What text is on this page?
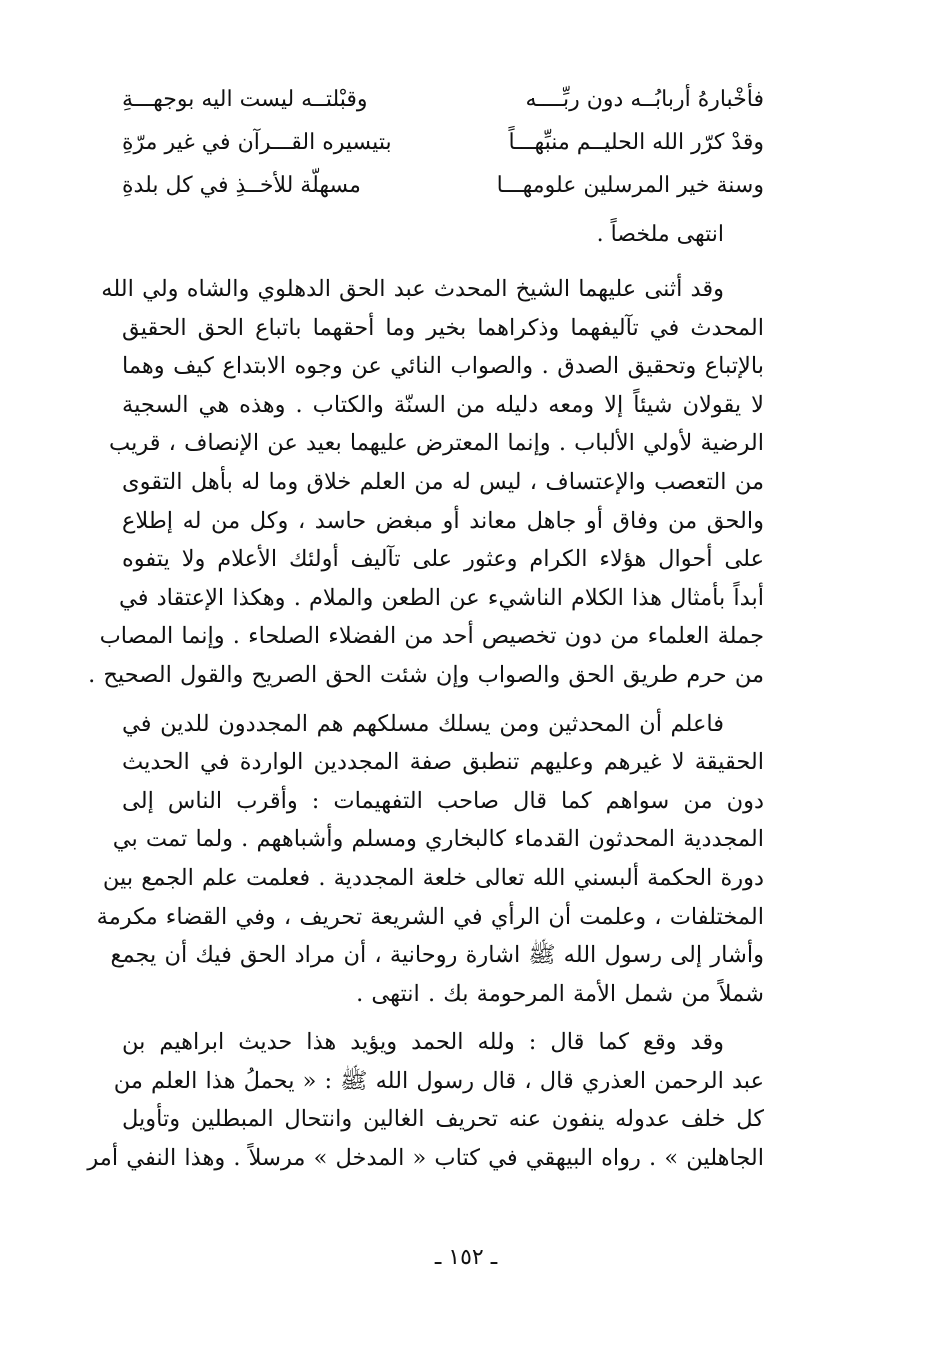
فأخْبارهُ أربابُــه دون ربِّــــه
وقبْلتــه ليست اليه بوجهـــةِ
وقدْ كرّر الله الحليــم منبِّهـــاً
بتيسيره القـــرآن في غير مرّةِ
وسنة خير المرسلين علومهـــا
مسهلّة للأخــذِ في كل بلدةِ
انتهى ملخصاً .
وقد أثنى عليهما الشيخ المحدث عبد الحق الدهلوي والشاه ولي الله
المحدث في تآليفهما وذكراهما بخير وما أحقهما باتباع الحق الحقيق
بالإتباع وتحقيق الصدق . والصواب النائي عن وجوه الابتداع كيف وهما
لا يقولان شيئاً إلا ومعه دليله من السنّة والكتاب . وهذه هي السجية
الرضية لأولي الألباب . وإنما المعترض عليهما بعيد عن الإنصاف ، قريب
من التعصب والإعتساف ، ليس له من العلم خلاق وما له بأهل التقوى
والحق من وفاق أو جاهل معاند أو مبغض حاسد ، وكل من له إطلاع
على أحوال هؤلاء الكرام وعثور على تآليف أولئك الأعلام ولا يتفوه
أبداً بأمثال هذا الكلام الناشيء عن الطعن والملام . وهكذا الإعتقاد في
جملة العلماء من دون تخصيص أحد من الفضلاء الصلحاء . وإنما المصاب
من حرم طريق الحق والصواب وإن شئت الحق الصريح والقول الصحيح .
فاعلم أن المحدثين ومن يسلك مسلكهم هم المجددون للدين في
الحقيقة لا غيرهم وعليهم تنطبق صفة المجددين الواردة في الحديث
دون من سواهم كما قال صاحب التفهيمات : وأقرب الناس إلى
المجددية المحدثون القدماء كالبخاري ومسلم وأشباههم . ولما تمت بي
دورة الحكمة ألبسني الله تعالى خلعة المجددية . فعلمت علم الجمع بين
المختلفات ، وعلمت أن الرأي في الشريعة تحريف ، وفي القضاء مكرمة
وأشار إلى رسول الله ﷺ اشارة روحانية ، أن مراد الحق فيك أن يجمع
شملاً من شمل الأمة المرحومة بك . انتهى .
وقد وقع كما قال : ولله الحمد ويؤيد هذا حديث ابراهيم بن
عبد الرحمن العذري قال ، قال رسول الله ﷺ : « يحملُ هذا العلم من
كل خلف عدوله ينفون عنه تحريف الغالين وانتحال المبطلين وتأويل
الجاهلين » . رواه البيهقي في كتاب « المدخل » مرسلاً . وهذا النفي أمر
ـ ١٥٢ ـ
